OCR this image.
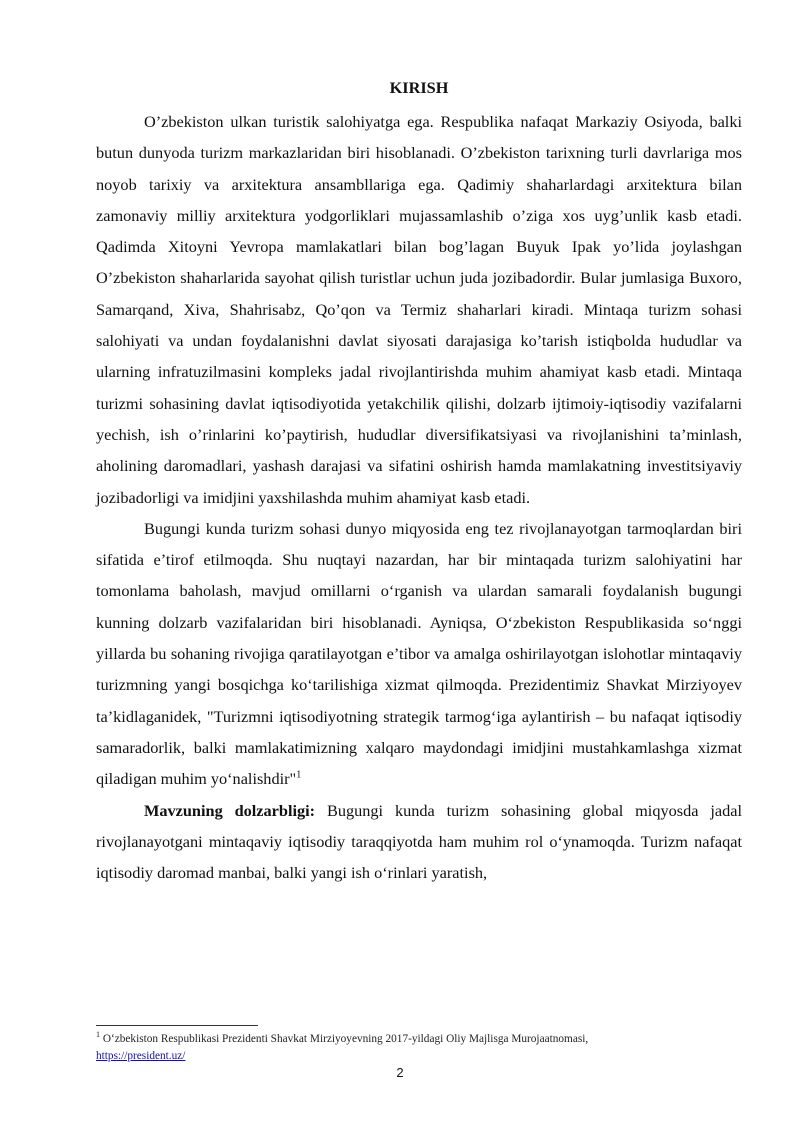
KIRISH

O’zbekiston ulkan turistik salohiyatga ega. Respublika nafaqat Markaziy Osiyoda, balki butun dunyoda turizm markazlaridan biri hisoblanadi. O’zbekiston tarixning turli davrlariga mos noyob tarixiy va arxitektura ansambllariga ega. Qadimiy shaharlardagi arxitektura bilan zamonaviy milliy arxitektura yodgorliklari mujassamlashib o’ziga xos uyg’unlik kasb etadi. Qadimda Xitoyni Yevropa mamlakatlari bilan bog’lagan Buyuk Ipak yo’lida joylashgan O’zbekiston shaharlarida sayohat qilish turistlar uchun juda jozibadordir. Bular jumlasiga Buxoro, Samarqand, Xiva, Shahrisabz, Qo’qon va Termiz shaharlari kiradi. Mintaqa turizm sohasi salohiyati va undan foydalanishni davlat siyosati darajasiga ko’tarish istiqbolda hududlar va ularning infratuzilmasini kompleks jadal rivojlantirishda muhim ahamiyat kasb etadi. Mintaqa turizmi sohasining davlat iqtisodiyotida yetakchilik qilishi, dolzarb ijtimoiy-iqtisodiy vazifalarni yechish, ish o’rinlarini ko’paytirish, hududlar diversifikatsiyasi va rivojlanishini ta’minlash, aholining daromadlari, yashash darajasi va sifatini oshirish hamda mamlakatning investitsiyaviy jozibadorligi va imidjini yaxshilashda muhim ahamiyat kasb etadi.

Bugungi kunda turizm sohasi dunyo miqyosida eng tez rivojlanayotgan tarmoqlardan biri sifatida e’tirof etilmoqda. Shu nuqtayi nazardan, har bir mintaqada turizm salohiyatini har tomonlama baholash, mavjud omillarni o‘rganish va ulardan samarali foydalanish bugungi kunning dolzarb vazifalaridan biri hisoblanadi. Ayniqsa, O‘zbekiston Respublikasida so‘nggi yillarda bu sohaning rivojiga qaratilayotgan e’tibor va amalga oshirilayotgan islohotlar mintaqaviy turizmning yangi bosqichga ko‘tarilishiga xizmat qilmoqda. Prezidentimiz Shavkat Mirziyoyev ta’kidlaganidek, "Turizmni iqtisodiyotning strategik tarmog‘iga aylantirish – bu nafaqat iqtisodiy samaradorlik, balki mamlakatimizning xalqaro maydondagi imidjini mustahkamlashga xizmat qiladigan muhim yo‘nalishdir"$^1$

Mavzuning dolzarbligi: Bugungi kunda turizm sohasining global miqyosda jadal rivojlanayotgani mintaqaviy iqtisodiy taraqqiyotda ham muhim rol o‘ynamoqda. Turizm nafaqat iqtisodiy daromad manbai, balki yangi ish o‘rinlari yaratish,

$^1$ O‘zbekiston Respublikasi Prezidenti Shavkat Mirziyoyevning 2017-yildagi Oliy Majlisga Murojaatnomasi,
https://president.uz/
2
